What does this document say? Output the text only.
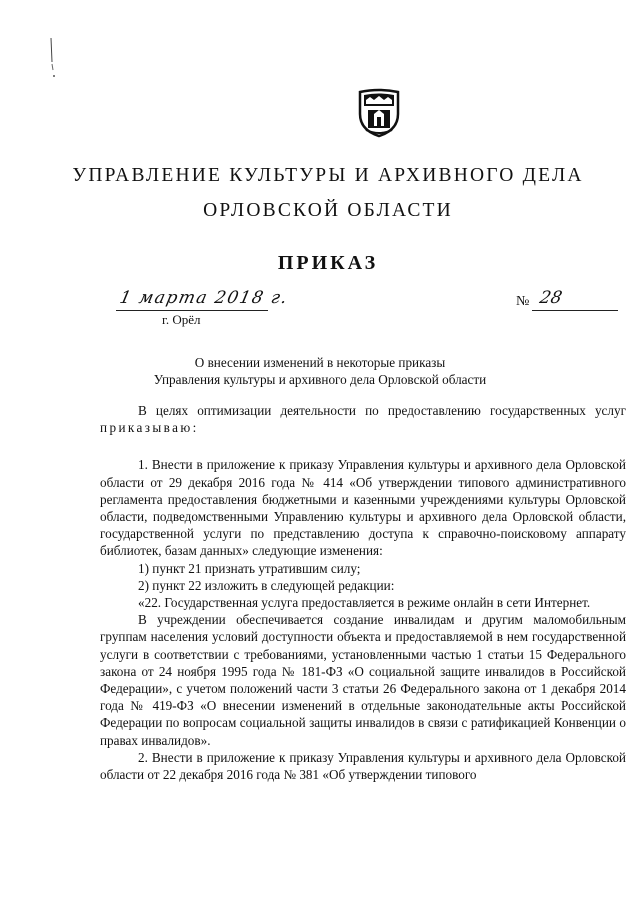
УПРАВЛЕНИЕ КУЛЬТУРЫ И АРХИВНОГО ДЕЛА
ОРЛОВСКОЙ ОБЛАСТИ
ПРИКАЗ
1 марта 2018 г.
г. Орёл
№ 28
О внесении изменений в некоторые приказы
Управления культуры и архивного дела Орловской области

В целях оптимизации деятельности по предоставлению государственных услуг приказываю:

1. Внести в приложение к приказу Управления культуры и архивного дела Орловской области от 29 декабря 2016 года № 414 «Об утверждении типового административного регламента предоставления бюджетными и казенными учреждениями культуры Орловской области, подведомственными Управлению культуры и архивного дела Орловской области, государственной услуги по представлению доступа к справочно-поисковому аппарату библиотек, базам данных» следующие изменения:

1) пункт 21 признать утратившим силу;

2) пункт 22 изложить в следующей редакции:

«22. Государственная услуга предоставляется в режиме онлайн в сети Интернет.

В учреждении обеспечивается создание инвалидам и другим маломобильным группам населения условий доступности объекта и предоставляемой в нем государственной услуги в соответствии с требованиями, установленными частью 1 статьи 15 Федерального закона от 24 ноября 1995 года № 181-ФЗ «О социальной защите инвалидов в Российской Федерации», с учетом положений части 3 статьи 26 Федерального закона от 1 декабря 2014 года № 419-ФЗ «О внесении изменений в отдельные законодательные акты Российской Федерации по вопросам социальной защиты инвалидов в связи с ратификацией Конвенции о правах инвалидов».

2. Внести в приложение к приказу Управления культуры и архивного дела Орловской области от 22 декабря 2016 года № 381 «Об утверждении типового
